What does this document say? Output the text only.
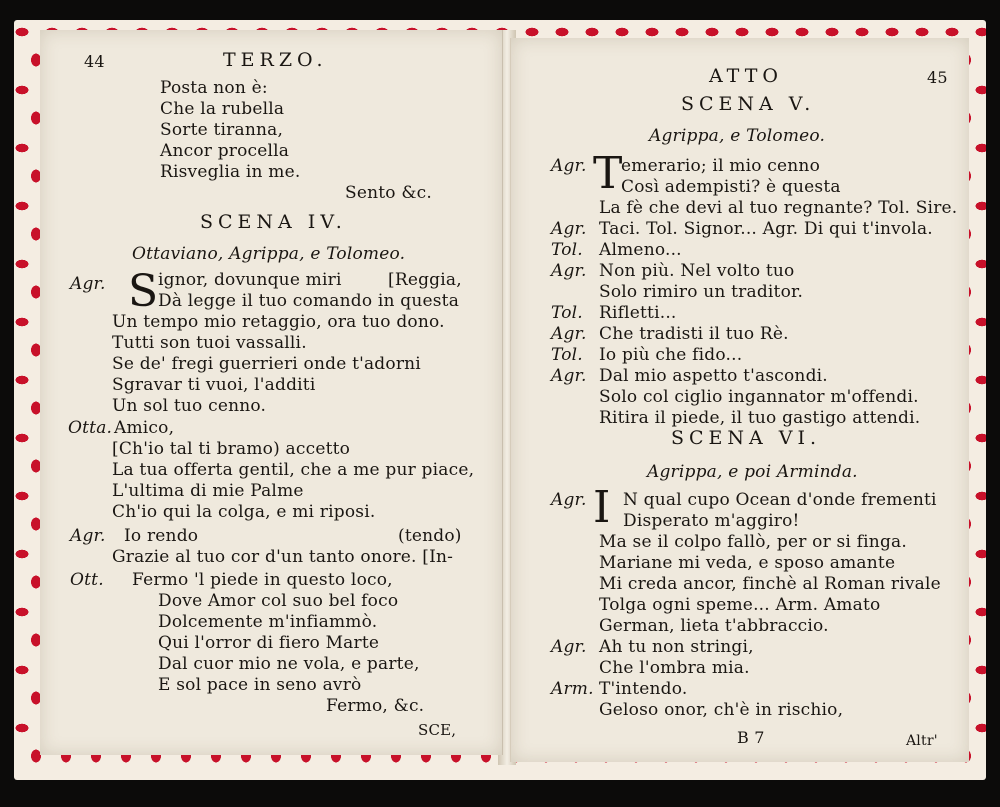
44	TERZO.
Posta non è:
Che la rubella
Sorte tiranna,
Ancor procella
Risveglia in me.
Sento &c.
SCENA IV.
Ottaviano, Agrippa, e Tolomeo.
Agr. S ignor, dovunque miri	[Reggia,
Dà legge il tuo comando in questa
Un tempo mio retaggio, ora tuo dono.
Tutti son tuoi vassalli.
Se de' fregi guerrieri onde t'adorni
Sgravar ti vuoi, l'additi
Un sol tuo cenno.
Otta. Amico,
[Ch'io tal ti bramo) accetto
La tua offerta gentil, che a me pur piace,
L'ultima di mie Palme
Ch'io qui la colga, e mi riposi.
Agr. Io rendo	(tendo)
Grazie al tuo cor d'un tanto onore. [In-
Ott. Fermo 'l piede in questo loco,
Dove Amor col suo bel foco
Dolcemente m'infiammò.
Qui l'orror di fiero Marte
Dal cuor mio ne vola, e parte,
E sol pace in seno avrò
Fermo, &c.
SCE,
ATTO	45
SCENA V.
Agrippa, e Tolomeo.
Agr. T
emerario; il mio cenno
Così adempisti? è questa
La fè che devi al tuo regnante? Tol. Sire.
Agr. Taci. Tol. Signor... Agr. Di qui t'invola.
Tol. Almeno...
Agr. Non più. Nel volto tuo
Solo rimiro un traditor.
Tol. Rifletti...
Agr. Che tradisti il tuo Rè.
Tol. Io più che fido...
Agr. Dal mio aspetto t'ascondi.
Solo col ciglio ingannator m'offendi.
Ritira il piede, il tuo gastigo attendi.
SCENA VI.
Agrippa, e poi Arminda.
Agr. I N qual cupo Ocean d'onde frementi
Disperato m'aggiro!
Ma se il colpo fallò, per or si finga.
Mariane mi veda, e sposo amante
Mi creda ancor, finchè al Roman rivale
Tolga ogni speme... Arm. Amato
German, lieta t'abbraccio.
Agr. Ah tu non stringi,
Che l'ombra mia.
Arm. T'intendo.
Geloso onor, ch'è in rischio,
B 7	Altr'
